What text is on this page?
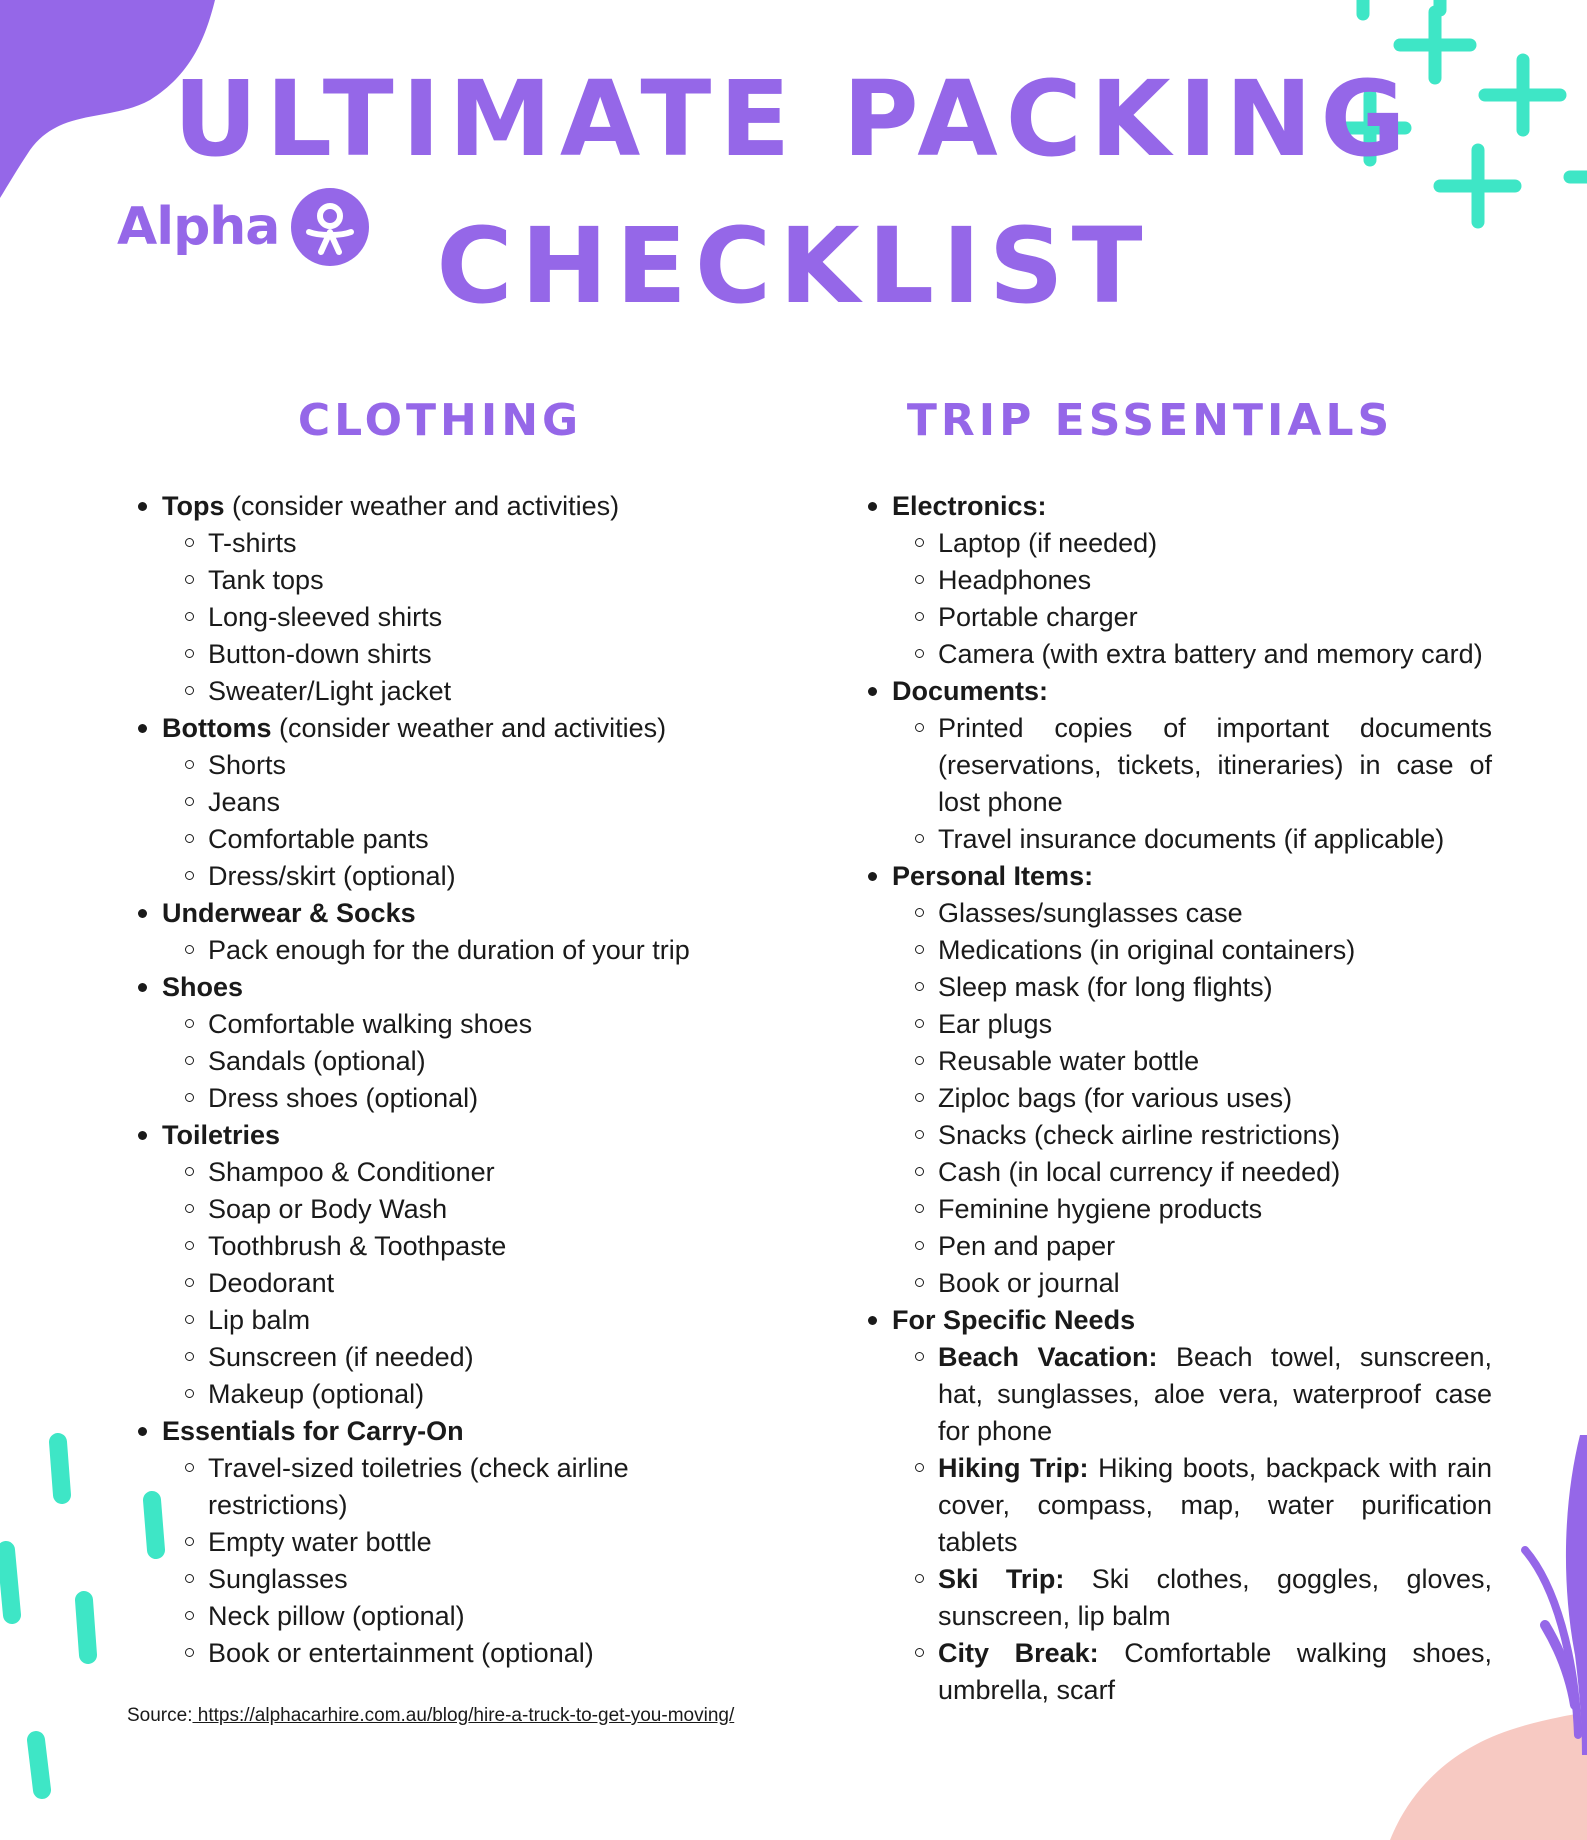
ULTIMATE PACKING
CHECKLIST
Alpha
CLOTHING	TRIP ESSENTIALS
Tops (consider weather and activities)
T-shirts
Tank tops
Long-sleeved shirts
Button-down shirts
Sweater/Light jacket
Bottoms (consider weather and activities)
Shorts
Jeans
Comfortable pants
Dress/skirt (optional)
Underwear & Socks
Pack enough for the duration of your trip
Shoes
Comfortable walking shoes
Sandals (optional)
Dress shoes (optional)
Toiletries
Shampoo & Conditioner
Soap or Body Wash
Toothbrush & Toothpaste
Deodorant
Lip balm
Sunscreen (if needed)
Makeup (optional)
Essentials for Carry-On
Travel-sized toiletries (check airline restrictions)
Empty water bottle
Sunglasses
Neck pillow (optional)
Book or entertainment (optional)
Electronics:
Laptop (if needed)
Headphones
Portable charger
Camera (with extra battery and memory card)
Documents:
Printed copies of important documents (reservations, tickets, itineraries) in case of lost phone
Travel insurance documents (if applicable)
Personal Items:
Glasses/sunglasses case
Medications (in original containers)
Sleep mask (for long flights)
Ear plugs
Reusable water bottle
Ziploc bags (for various uses)
Snacks (check airline restrictions)
Cash (in local currency if needed)
Feminine hygiene products
Pen and paper
Book or journal
For Specific Needs
Beach Vacation: Beach towel, sunscreen, hat, sunglasses, aloe vera, waterproof case for phone
Hiking Trip: Hiking boots, backpack with rain cover, compass, map, water purification tablets
Ski Trip: Ski clothes, goggles, gloves, sunscreen, lip balm
City Break: Comfortable walking shoes, umbrella, scarf
Source: https://alphacarhire.com.au/blog/hire-a-truck-to-get-you-moving/
